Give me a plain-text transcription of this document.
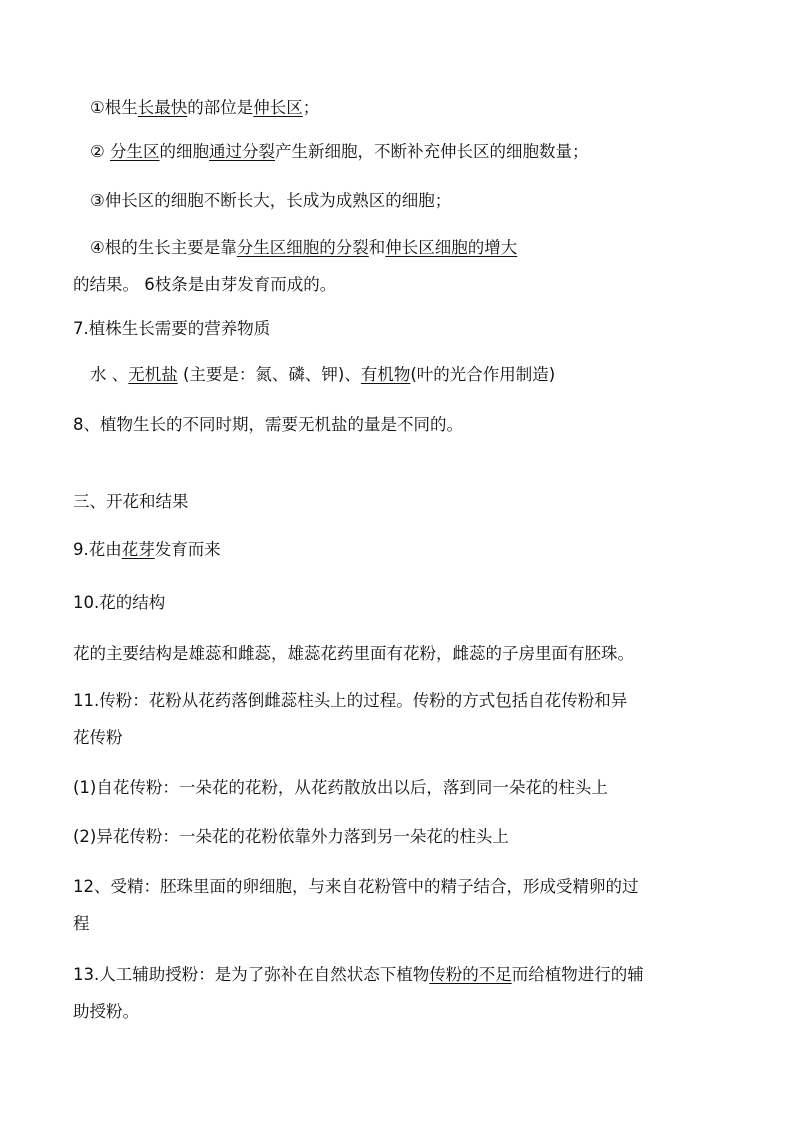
①根生长最快的部位是伸长区；
② 分生区的细胞通过分裂产生新细胞，不断补充伸长区的细胞数量；
③伸长区的细胞不断长大，长成为成熟区的细胞；
④根的生长主要是靠分生区细胞的分裂和伸长区细胞的增大
的结果。 6枝条是由芽发育而成的。
7.植株生长需要的营养物质
水 、无机盐 (主要是：氮、磷、钾)、有机物(叶的光合作用制造)
8、植物生长的不同时期，需要无机盐的量是不同的。
三、开花和结果
9.花由花芽发育而来
10.花的结构
花的主要结构是雄蕊和雌蕊，雄蕊花药里面有花粉，雌蕊的子房里面有胚珠。
11.传粉：花粉从花药落倒雌蕊柱头上的过程。传粉的方式包括自花传粉和异
花传粉
(1)自花传粉：一朵花的花粉，从花药散放出以后，落到同一朵花的柱头上
(2)异花传粉：一朵花的花粉依靠外力落到另一朵花的柱头上
12、受精：胚珠里面的卵细胞，与来自花粉管中的精子结合，形成受精卵的过
程
13.人工辅助授粉：是为了弥补在自然状态下植物传粉的不足而给植物进行的辅
助授粉。
